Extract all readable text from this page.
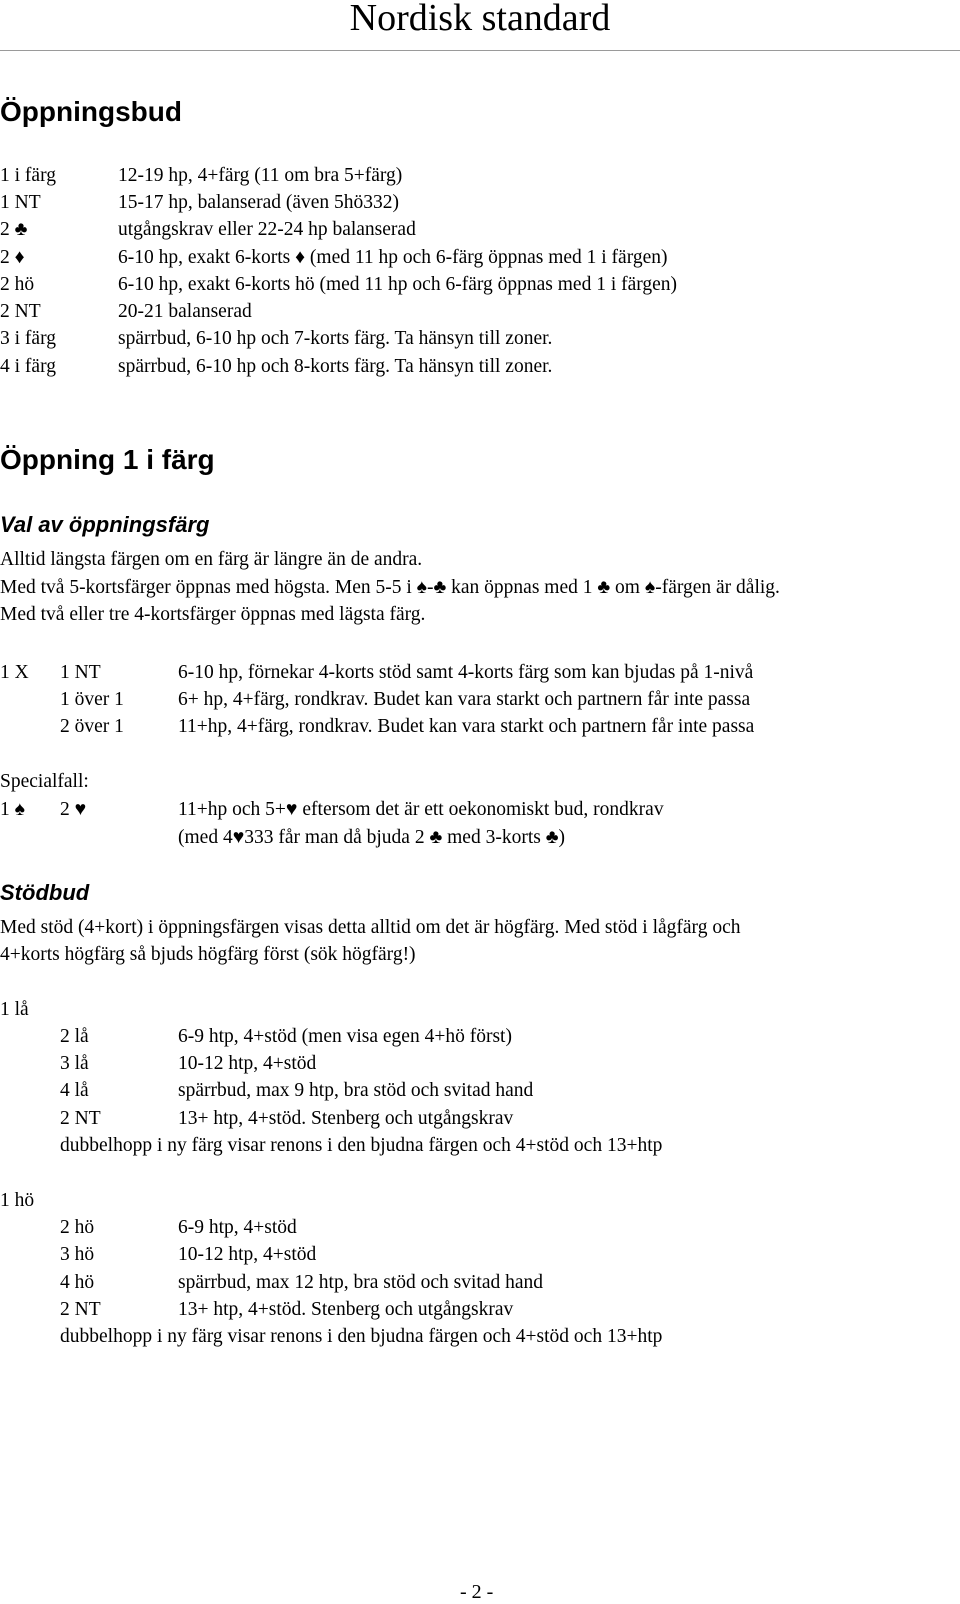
Nordisk standard
Öppningsbud
1 i färg	12-19 hp, 4+färg (11 om bra 5+färg)
1 NT	15-17 hp, balanserad (även 5hö332)
2 ♣	utgångskrav eller 22-24 hp balanserad
2 ♦	6-10 hp, exakt 6-korts ♦ (med 11 hp och 6-färg öppnas med 1 i färgen)
2 hö	6-10 hp, exakt 6-korts hö (med 11 hp och 6-färg öppnas med 1 i färgen)
2 NT	20-21 balanserad
3 i färg	spärrbud, 6-10 hp och 7-korts färg. Ta hänsyn till zoner.
4 i färg	spärrbud, 6-10 hp och 8-korts färg. Ta hänsyn till zoner.
Öppning 1 i färg
Val av öppningsfärg
Alltid längsta färgen om en färg är längre än de andra.
Med två 5-kortsfärger öppnas med högsta. Men 5-5 i ♠-♣ kan öppnas med 1 ♣ om ♠-färgen är dålig.
Med två eller tre 4-kortsfärger öppnas med lägsta färg.
1 X 1 NT	6-10 hp, förnekar 4-korts stöd samt 4-korts färg som kan bjudas på 1-nivå
1 över 1	6+ hp, 4+färg, rondkrav. Budet kan vara starkt och partnern får inte passa
2 över 1	11+hp, 4+färg, rondkrav. Budet kan vara starkt och partnern får inte passa
Specialfall:
1 ♠ 2 ♥	11+hp och 5+♥ eftersom det är ett oekonomiskt bud, rondkrav
(med 4♥333 får man då bjuda 2 ♣ med 3-korts ♣)
Stödbud
Med stöd (4+kort) i öppningsfärgen visas detta alltid om det är högfärg. Med stöd i lågfärg och
4+korts högfärg så bjuds högfärg först (sök högfärg!)
1 lå
2 lå	6-9 htp, 4+stöd (men visa egen 4+hö först)
3 lå	10-12 htp, 4+stöd
4 lå	spärrbud, max 9 htp, bra stöd och svitad hand
2 NT	13+ htp, 4+stöd. Stenberg och utgångskrav
dubbelhopp i ny färg visar renons i den bjudna färgen och 4+stöd och 13+htp
1 hö
2 hö	6-9 htp, 4+stöd
3 hö	10-12 htp, 4+stöd
4 hö	spärrbud, max 12 htp, bra stöd och svitad hand
2 NT	13+ htp, 4+stöd. Stenberg och utgångskrav
dubbelhopp i ny färg visar renons i den bjudna färgen och 4+stöd och 13+htp
- 2 -
